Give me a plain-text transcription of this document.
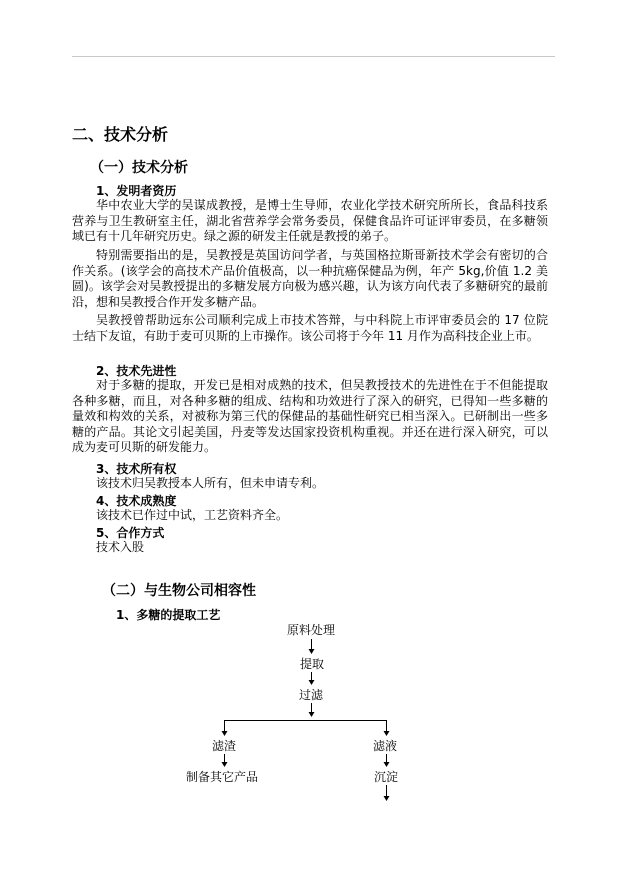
二、技术分析
（一）技术分析
1、发明者资历
华中农业大学的吴谋成教授，是博士生导师，农业化学技术研究所所长，食品科技系营养与卫生教研室主任，湖北省营养学会常务委员，保健食品许可证评审委员，在多糖领域已有十几年研究历史。绿之源的研发主任就是教授的弟子。
特别需要指出的是，吴教授是英国访问学者，与英国格拉斯哥新技术学会有密切的合作关系。(该学会的高技术产品价值极高，以一种抗癌保健品为例，年产 5kg,价值 1.2 美圆)。该学会对吴教授提出的多糖发展方向极为感兴趣，认为该方向代表了多糖研究的最前沿，想和吴教授合作开发多糖产品。
吴教授曾帮助远东公司顺利完成上市技术答辩，与中科院上市评审委员会的 17 位院士结下友谊，有助于麦可贝斯的上市操作。该公司将于今年 11 月作为高科技企业上市。
2、技术先进性
对于多糖的提取，开发已是相对成熟的技术，但吴教授技术的先进性在于不但能提取各种多糖，而且，对各种多糖的组成、结构和功效进行了深入的研究，已得知一些多糖的量效和构效的关系，对被称为第三代的保健品的基础性研究已相当深入。已研制出一些多糖的产品。其论文引起美国，丹麦等发达国家投资机构重视。并还在进行深入研究，可以成为麦可贝斯的研发能力。
3、技术所有权
该技术归吴教授本人所有，但未申请专利。
4、技术成熟度
该技术已作过中试，工艺资料齐全。
5、合作方式
技术入股
（二）与生物公司相容性
1、多糖的提取工艺
原料处理
提取
过滤
滤渣	滤液
制备其它产品	沉淀
